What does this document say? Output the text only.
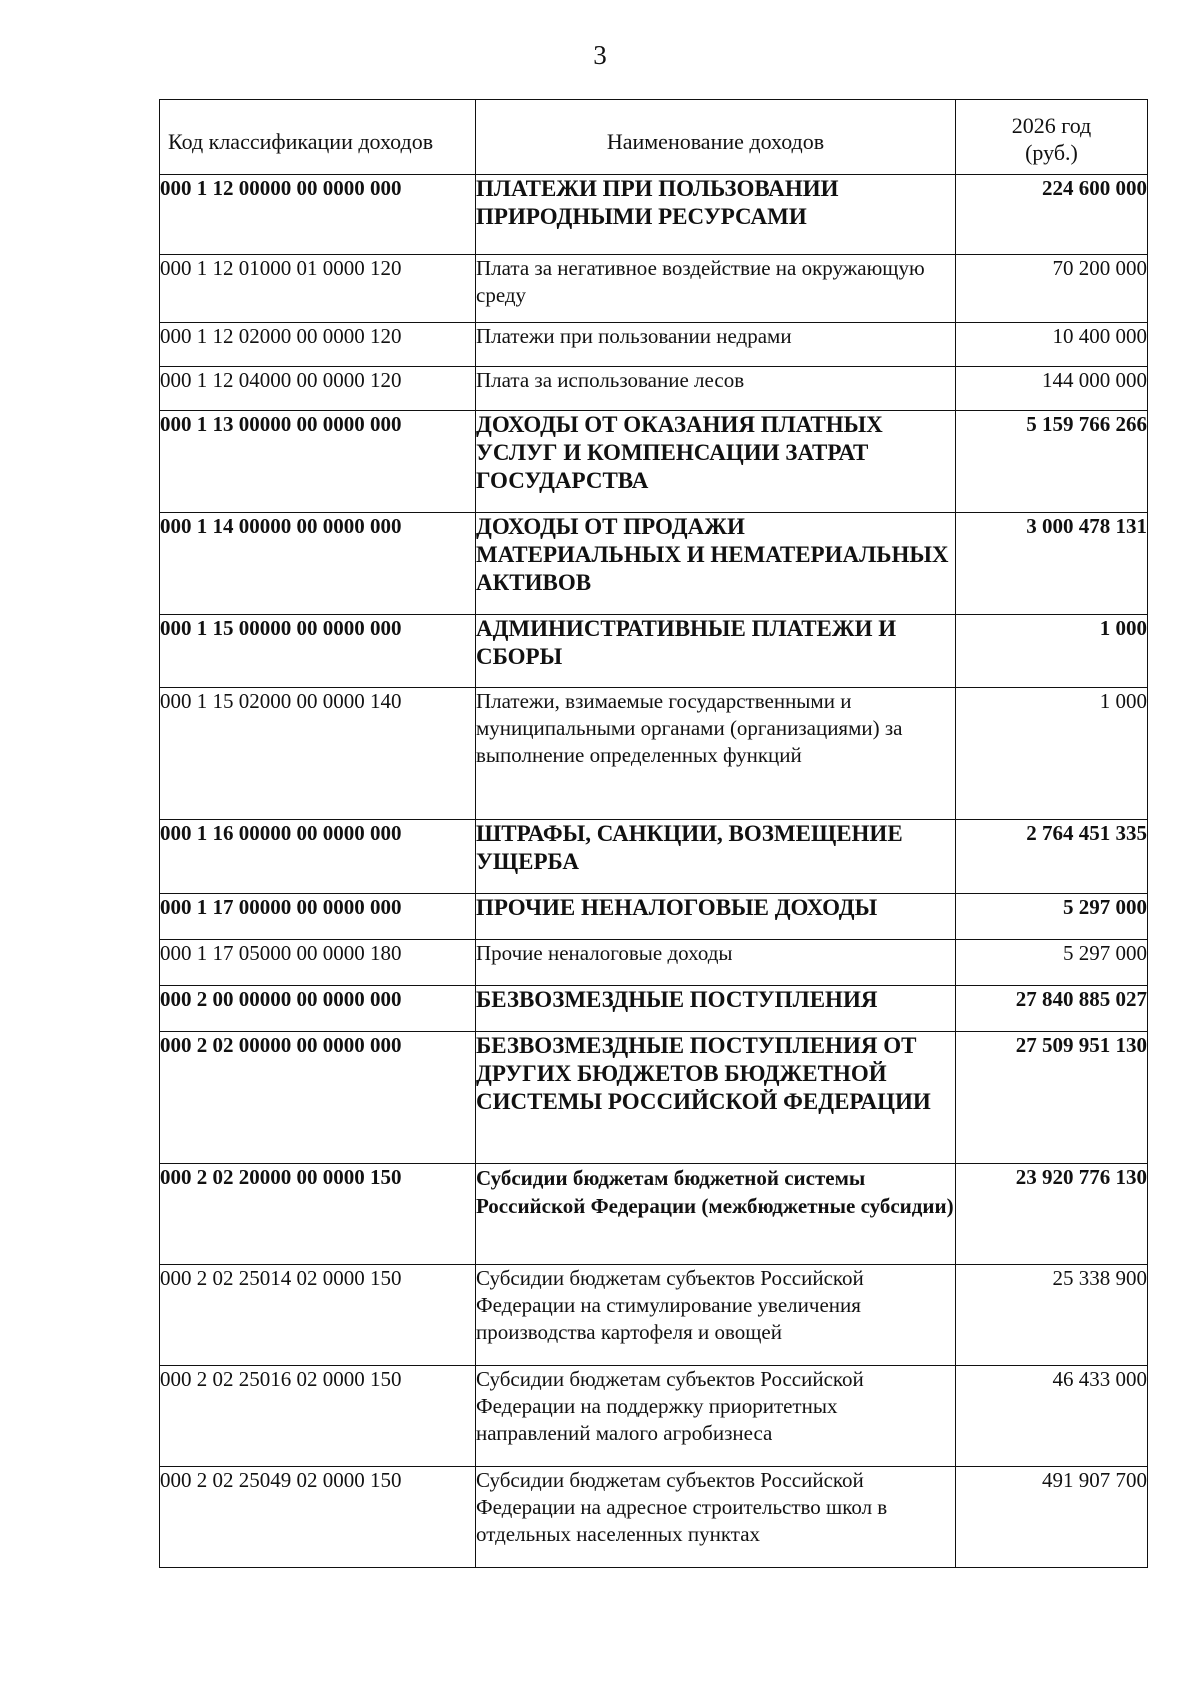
3
Код классификации доходов	Наименование доходов	2026 год
(руб.)

000 1 12 00000 00 0000 000	ПЛАТЕЖИ ПРИ ПОЛЬЗОВАНИИ ПРИРОДНЫМИ РЕСУРСАМИ	224 600 000
000 1 12 01000 01 0000 120	Плата за негативное воздействие на окружающую среду	70 200 000
000 1 12 02000 00 0000 120	Платежи при пользовании недрами	10 400 000
000 1 12 04000 00 0000 120	Плата за использование лесов	144 000 000
000 1 13 00000 00 0000 000	ДОХОДЫ ОТ ОКАЗАНИЯ ПЛАТНЫХ УСЛУГ И КОМПЕНСАЦИИ ЗАТРАТ ГОСУДАРСТВА	5 159 766 266
000 1 14 00000 00 0000 000	ДОХОДЫ ОТ ПРОДАЖИ МАТЕРИАЛЬНЫХ И НЕМАТЕРИАЛЬНЫХ АКТИВОВ	3 000 478 131
000 1 15 00000 00 0000 000	АДМИНИСТРАТИВНЫЕ ПЛАТЕЖИ И СБОРЫ	1 000
000 1 15 02000 00 0000 140	Платежи, взимаемые государственными и муниципальными органами (организациями) за выполнение определенных функций	1 000
000 1 16 00000 00 0000 000	ШТРАФЫ, САНКЦИИ, ВОЗМЕЩЕНИЕ УЩЕРБА	2 764 451 335
000 1 17 00000 00 0000 000	ПРОЧИЕ НЕНАЛОГОВЫЕ ДОХОДЫ	5 297 000
000 1 17 05000 00 0000 180	Прочие неналоговые доходы	5 297 000
000 2 00 00000 00 0000 000	БЕЗВОЗМЕЗДНЫЕ ПОСТУПЛЕНИЯ	27 840 885 027
000 2 02 00000 00 0000 000	БЕЗВОЗМЕЗДНЫЕ ПОСТУПЛЕНИЯ ОТ ДРУГИХ БЮДЖЕТОВ БЮДЖЕТНОЙ СИСТЕМЫ РОССИЙСКОЙ ФЕДЕРАЦИИ	27 509 951 130
000 2 02 20000 00 0000 150	Субсидии бюджетам бюджетной системы Российской Федерации (межбюджетные субсидии)	23 920 776 130
000 2 02 25014 02 0000 150	Субсидии бюджетам субъектов Российской Федерации на стимулирование увеличения производства картофеля и овощей	25 338 900
000 2 02 25016 02 0000 150	Субсидии бюджетам субъектов Российской Федерации на поддержку приоритетных направлений малого агробизнеса	46 433 000
000 2 02 25049 02 0000 150	Субсидии бюджетам субъектов Российской Федерации на адресное строительство школ в отдельных населенных пунктах	491 907 700
